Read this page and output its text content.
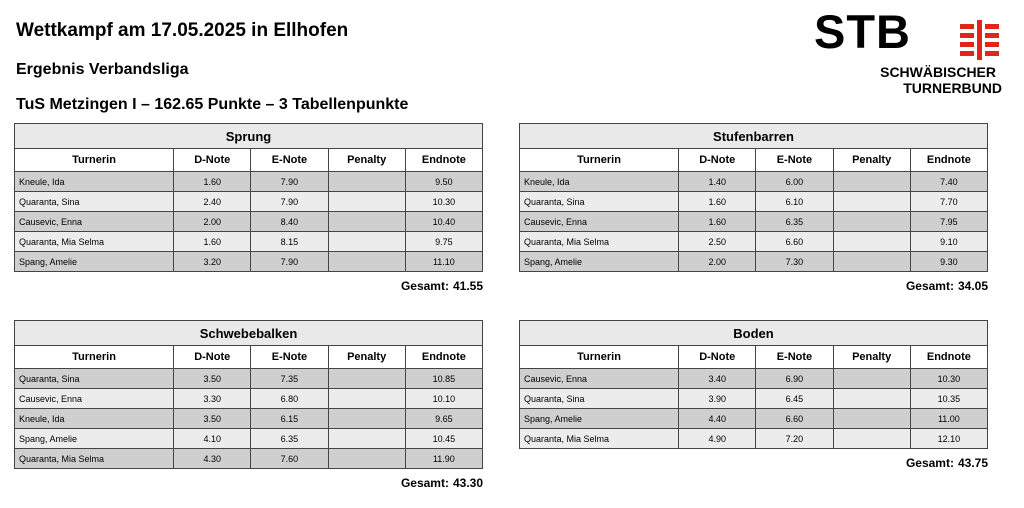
Wettkampf am 17.05.2025 in Ellhofen
Ergebnis Verbandsliga
TuS Metzingen I – 162.65 Punkte – 3 Tabellenpunkte
STB
SCHWÄBISCHER
TURNERBUND
Sprung				
Turnerin	D-Note	E-Note	Penalty	Endnote
Kneule, Ida	1.60	7.90		9.50
Quaranta, Sina	2.40	7.90		10.30
Causevic, Enna	2.00	8.40		10.40
Quaranta, Mia Selma	1.60	8.15		9.75
Spang, Amelie	3.20	7.90		11.10
Gesamt: 41.55
Stufenbarren				
Turnerin	D-Note	E-Note	Penalty	Endnote
Kneule, Ida	1.40	6.00		7.40
Quaranta, Sina	1.60	6.10		7.70
Causevic, Enna	1.60	6.35		7.95
Quaranta, Mia Selma	2.50	6.60		9.10
Spang, Amelie	2.00	7.30		9.30
Gesamt: 34.05
Schwebebalken				
Turnerin	D-Note	E-Note	Penalty	Endnote
Quaranta, Sina	3.50	7.35		10.85
Causevic, Enna	3.30	6.80		10.10
Kneule, Ida	3.50	6.15		9.65
Spang, Amelie	4.10	6.35		10.45
Quaranta, Mia Selma	4.30	7.60		11.90
Gesamt: 43.30
Boden				
Turnerin	D-Note	E-Note	Penalty	Endnote
Causevic, Enna	3.40	6.90		10.30
Quaranta, Sina	3.90	6.45		10.35
Spang, Amelie	4.40	6.60		11.00
Quaranta, Mia Selma	4.90	7.20		12.10
Gesamt: 43.75
